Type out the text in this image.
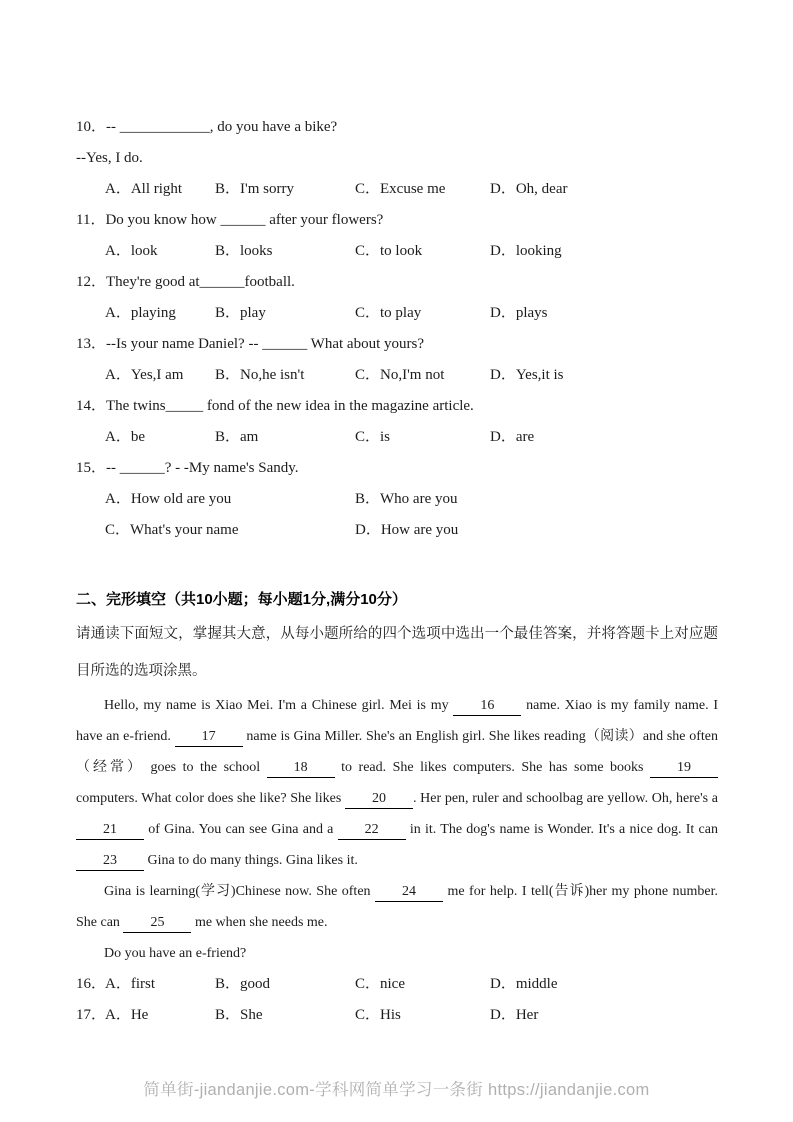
10．-- ____________, do you have a bike?
--Yes, I do.
A．All right	B．I'm sorry	C．Excuse me	D．Oh, dear
11．Do you know how ______ after your flowers?
A．look	B．looks	C．to look	D．looking
12．They're good at______football.
A．playing	B．play	C．to play	D．plays
13．--Is your name Daniel? -- ______ What about yours?
A．Yes,I am	B．No,he isn't	C．No,I'm not	D．Yes,it is
14．The twins_____ fond of the new idea in the magazine article.
A．be	B．am	C．is	D．are
15．-- ______? - -My name's Sandy.
A．How old are you	B．Who are you
C．What's your name	D．How are you
二、完形填空（共10小题；每小题1分,满分10分）

请通读下面短文，掌握其大意，从每小题所给的四个选项中选出一个最佳答案，并将答题卡上对应题目所选的选项涂黑。

Hello, my name is Xiao Mei. I'm a Chinese girl. Mei is my 16 name. Xiao is my family name. I have an e-friend. 17 name is Gina Miller. She's an English girl. She likes reading（阅读）and she often （经常） goes to the school 18 to read. She likes computers. She has some books 19 computers. What color does she like? She likes 20 . Her pen, ruler and schoolbag are yellow. Oh, here's a 21 of Gina. You can see Gina and a 22 in it. The dog's name is Wonder. It's a nice dog. It can 23 Gina to do many things. Gina likes it.

Gina is learning(学习)Chinese now. She often 24 me for help. I tell(告诉)her my phone number. She can 25 me when she needs me.

Do you have an e-friend?

16．
A．first	B．good	C．nice	D．middle
17．
A．He	B．She	C．His	D．Her
简单街-jiandanjie.com-学科网简单学习一条街 https://jiandanjie.com
